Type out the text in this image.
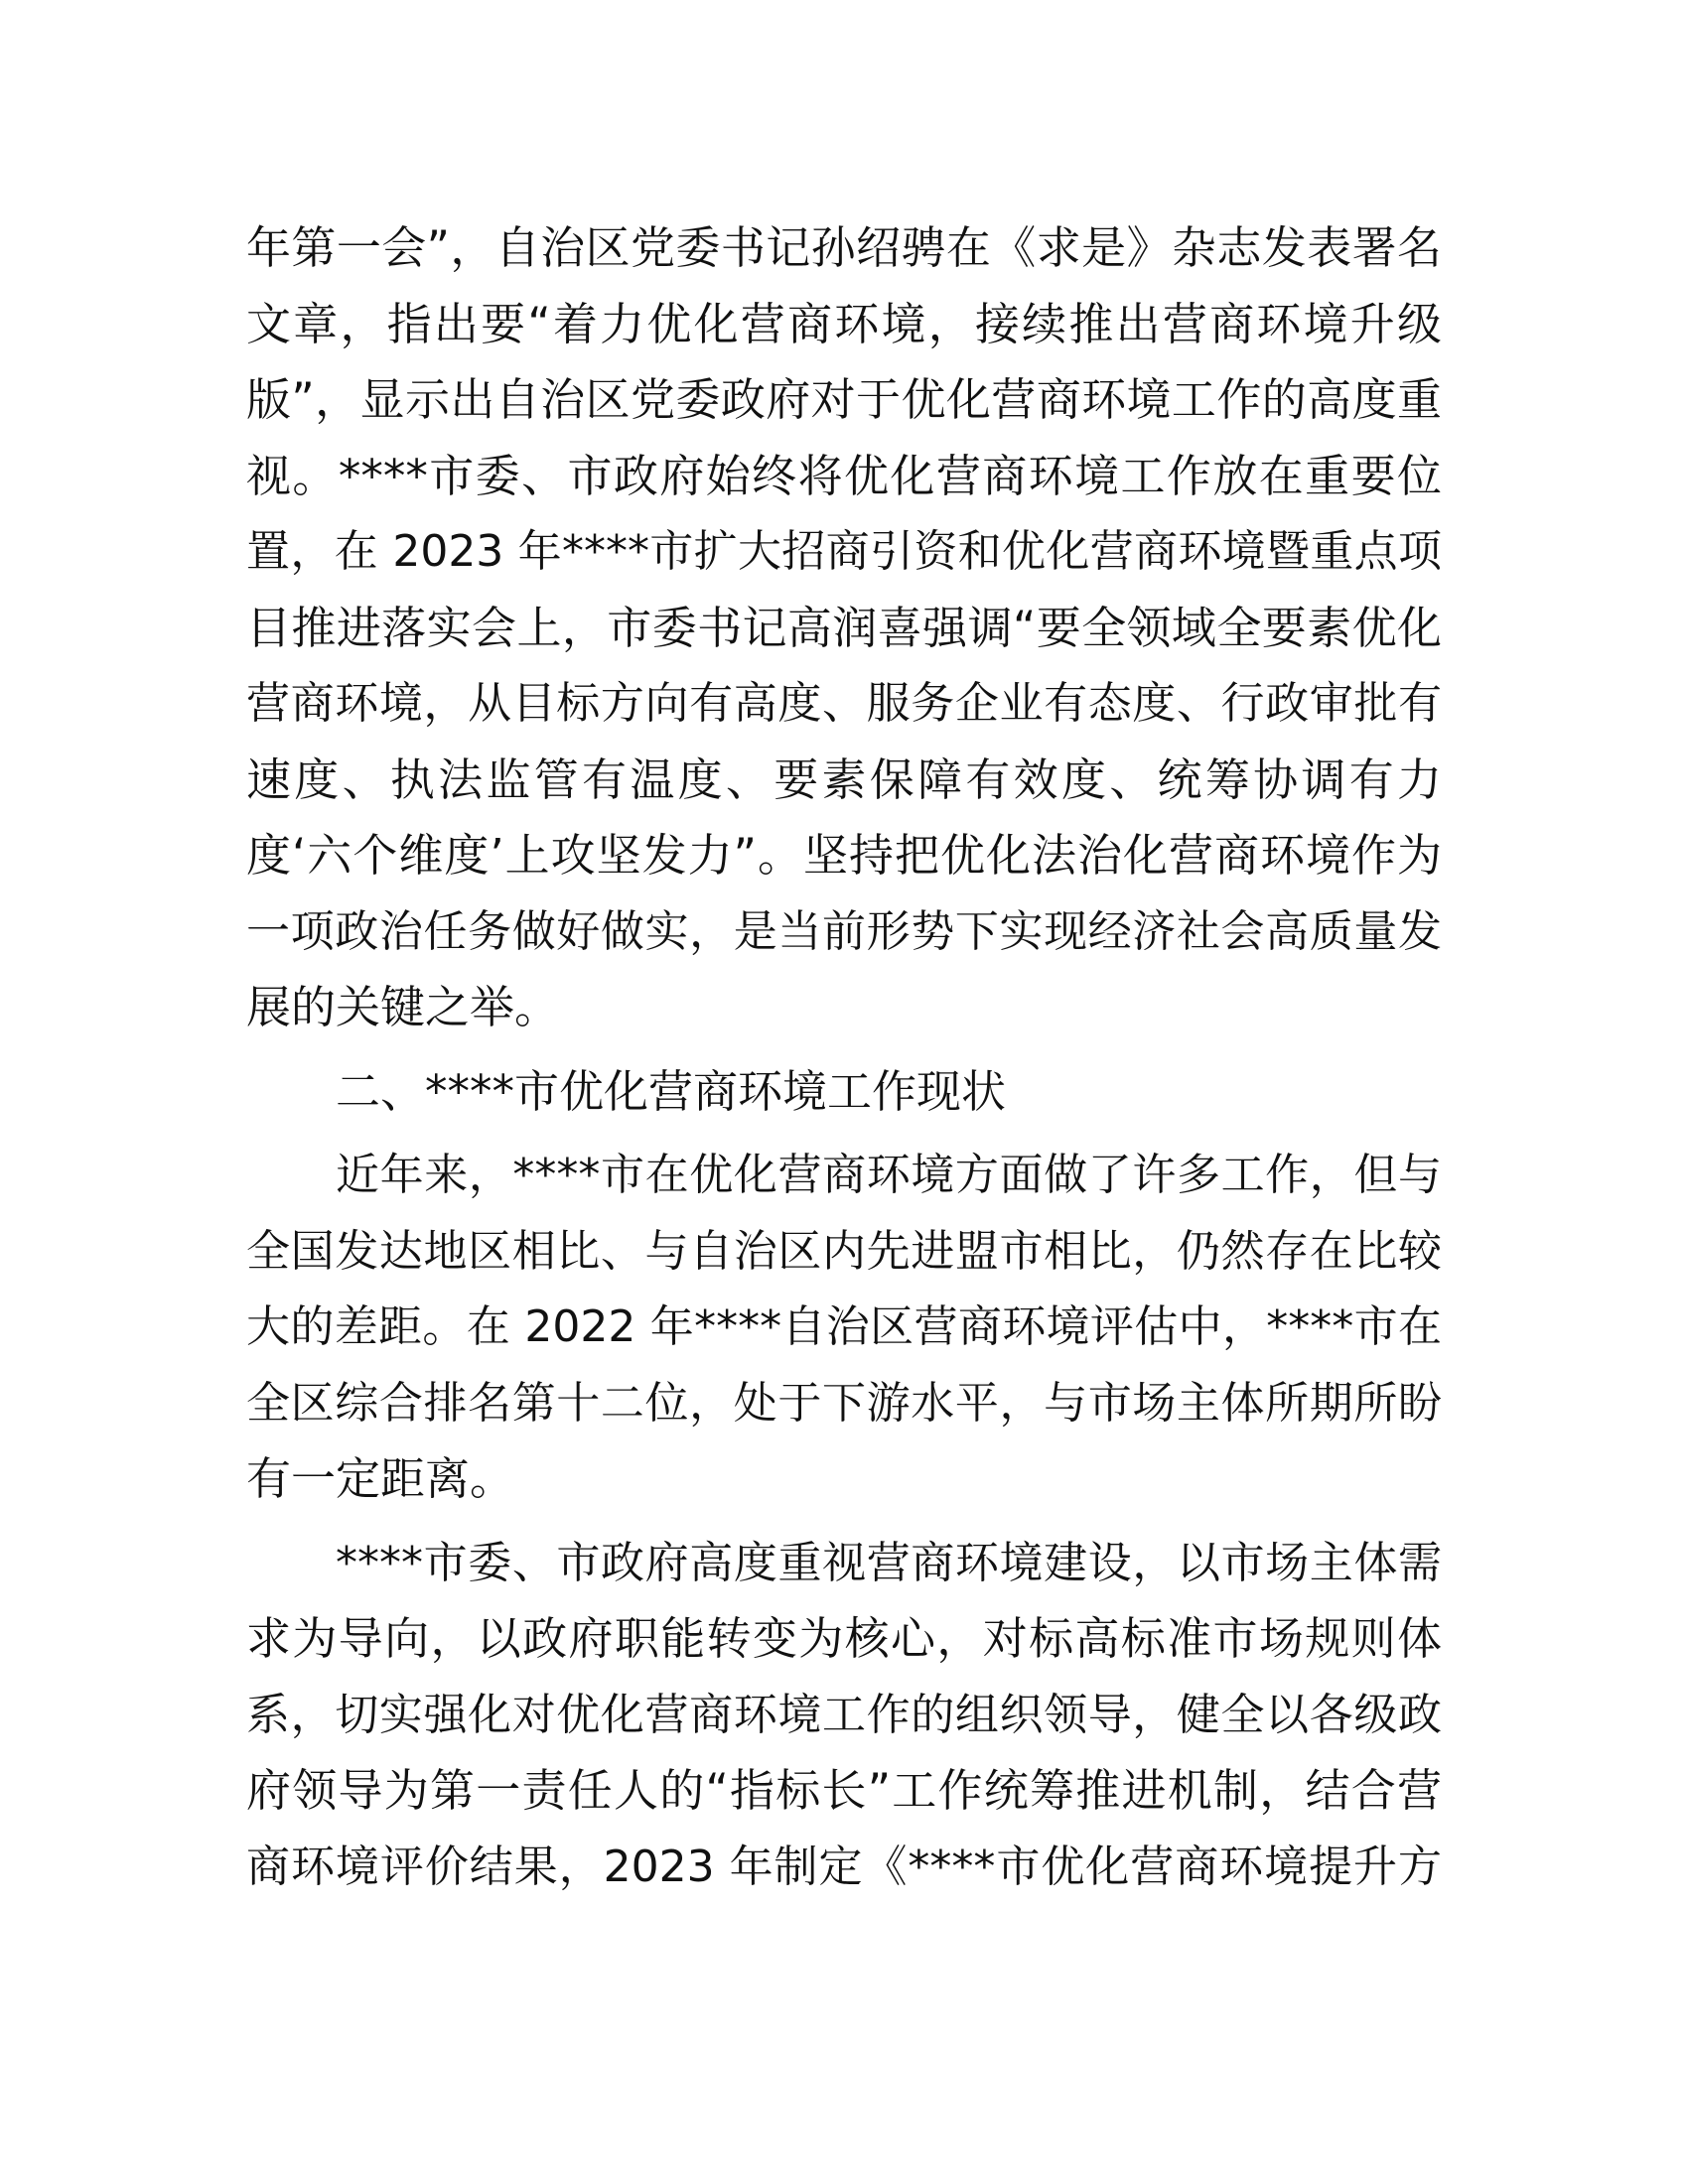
年第一会”，自治区党委书记孙绍骋在《求是》杂志发表署名
文章，指出要“着力优化营商环境，接续推出营商环境升级
版”，显示出自治区党委政府对于优化营商环境工作的高度重
视。****市委、市政府始终将优化营商环境工作放在重要位
置，在 2023 年****市扩大招商引资和优化营商环境暨重点项
目推进落实会上，市委书记高润喜强调“要全领域全要素优化
营商环境，从目标方向有高度、服务企业有态度、行政审批有
速度、执法监管有温度、要素保障有效度、统筹协调有力
度‘六个维度’上攻坚发力”。坚持把优化法治化营商环境作为
一项政治任务做好做实，是当前形势下实现经济社会高质量发
展的关键之举。
二、****市优化营商环境工作现状
近年来，****市在优化营商环境方面做了许多工作，但与
全国发达地区相比、与自治区内先进盟市相比，仍然存在比较
大的差距。在 2022 年****自治区营商环境评估中，****市在
全区综合排名第十二位，处于下游水平，与市场主体所期所盼
有一定距离。
****市委、市政府高度重视营商环境建设，以市场主体需
求为导向，以政府职能转变为核心，对标高标准市场规则体
系，切实强化对优化营商环境工作的组织领导，健全以各级政
府领导为第一责任人的“指标长”工作统筹推进机制，结合营
商环境评价结果，2023 年制定《****市优化营商环境提升方
